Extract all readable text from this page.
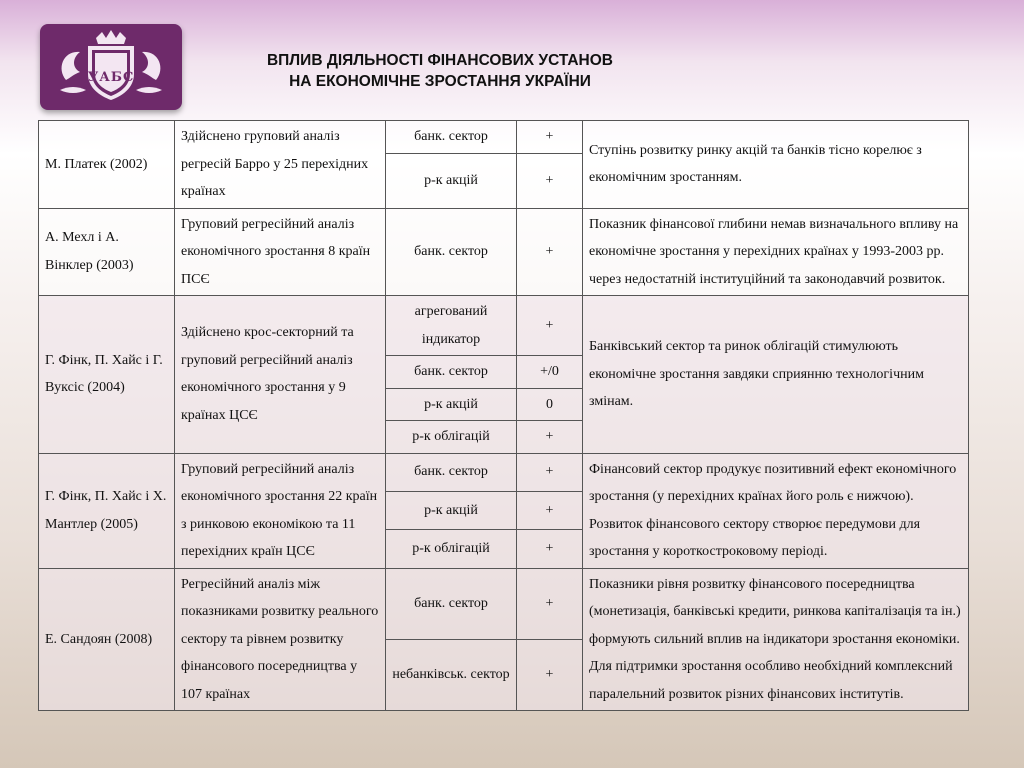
УАБС
ВПЛИВ ДІЯЛЬНОСТІ ФІНАНСОВИХ УСТАНОВ
НА ЕКОНОМІЧНЕ ЗРОСТАННЯ УКРАЇНИ
М. Платек (2002)	Здійснено груповий аналіз регресій Барро у 25 перехідних країнах	банк. сектор	+	Ступінь розвитку ринку акцій та банків тісно корелює з економічним зростанням.
		р-к акцій	+	
А. Мехл і А. Вінклер (2003)	Груповий регресійний аналіз економічного зростання 8 країн ПСЄ	банк. сектор	+	Показник фінансової глибини немав визначального впливу на економічне зростання у перехідних країнах у 1993-2003 рр. через недостатній інституційний та законодавчий розвиток.
Г. Фінк, П. Хайс і Г. Вуксіс (2004)	Здійснено крос-секторний та груповий регресійний аналіз економічного зростання у 9 країнах ЦСЄ	агрегований індикатор	+	Банківський сектор та ринок облігацій стимулюють економічне зростання завдяки сприянню технологічним змінам.
		банк. сектор	+/0	
		р-к акцій	0	
		р-к облігацій	+	
Г. Фінк, П. Хайс і Х. Мантлер (2005)	Груповий регресійний аналіз економічного зростання 22 країн з ринковою економікою та 11 перехідних країн ЦСЄ	банк. сектор	+	Фінансовий сектор продукує позитивний ефект економічного зростання (у перехідних країнах його роль є нижчою). Розвиток фінансового сектору створює передумови для зростання у короткостроковому періоді.
		р-к акцій	+	
		р-к облігацій	+	
Е. Сандоян (2008)	Регресійний аналіз між показниками розвитку реального сектору та рівнем розвитку фінансового посередництва у 107 країнах	банк. сектор	+	Показники рівня розвитку фінансового посередництва (монетизація, банківські кредити, ринкова капіталізація та ін.) формують сильний вплив на індикатори зростання економіки. Для підтримки зростання особливо необхідний комплексний паралельний розвиток різних фінансових інститутів.
		небанківськ. сектор	+	
